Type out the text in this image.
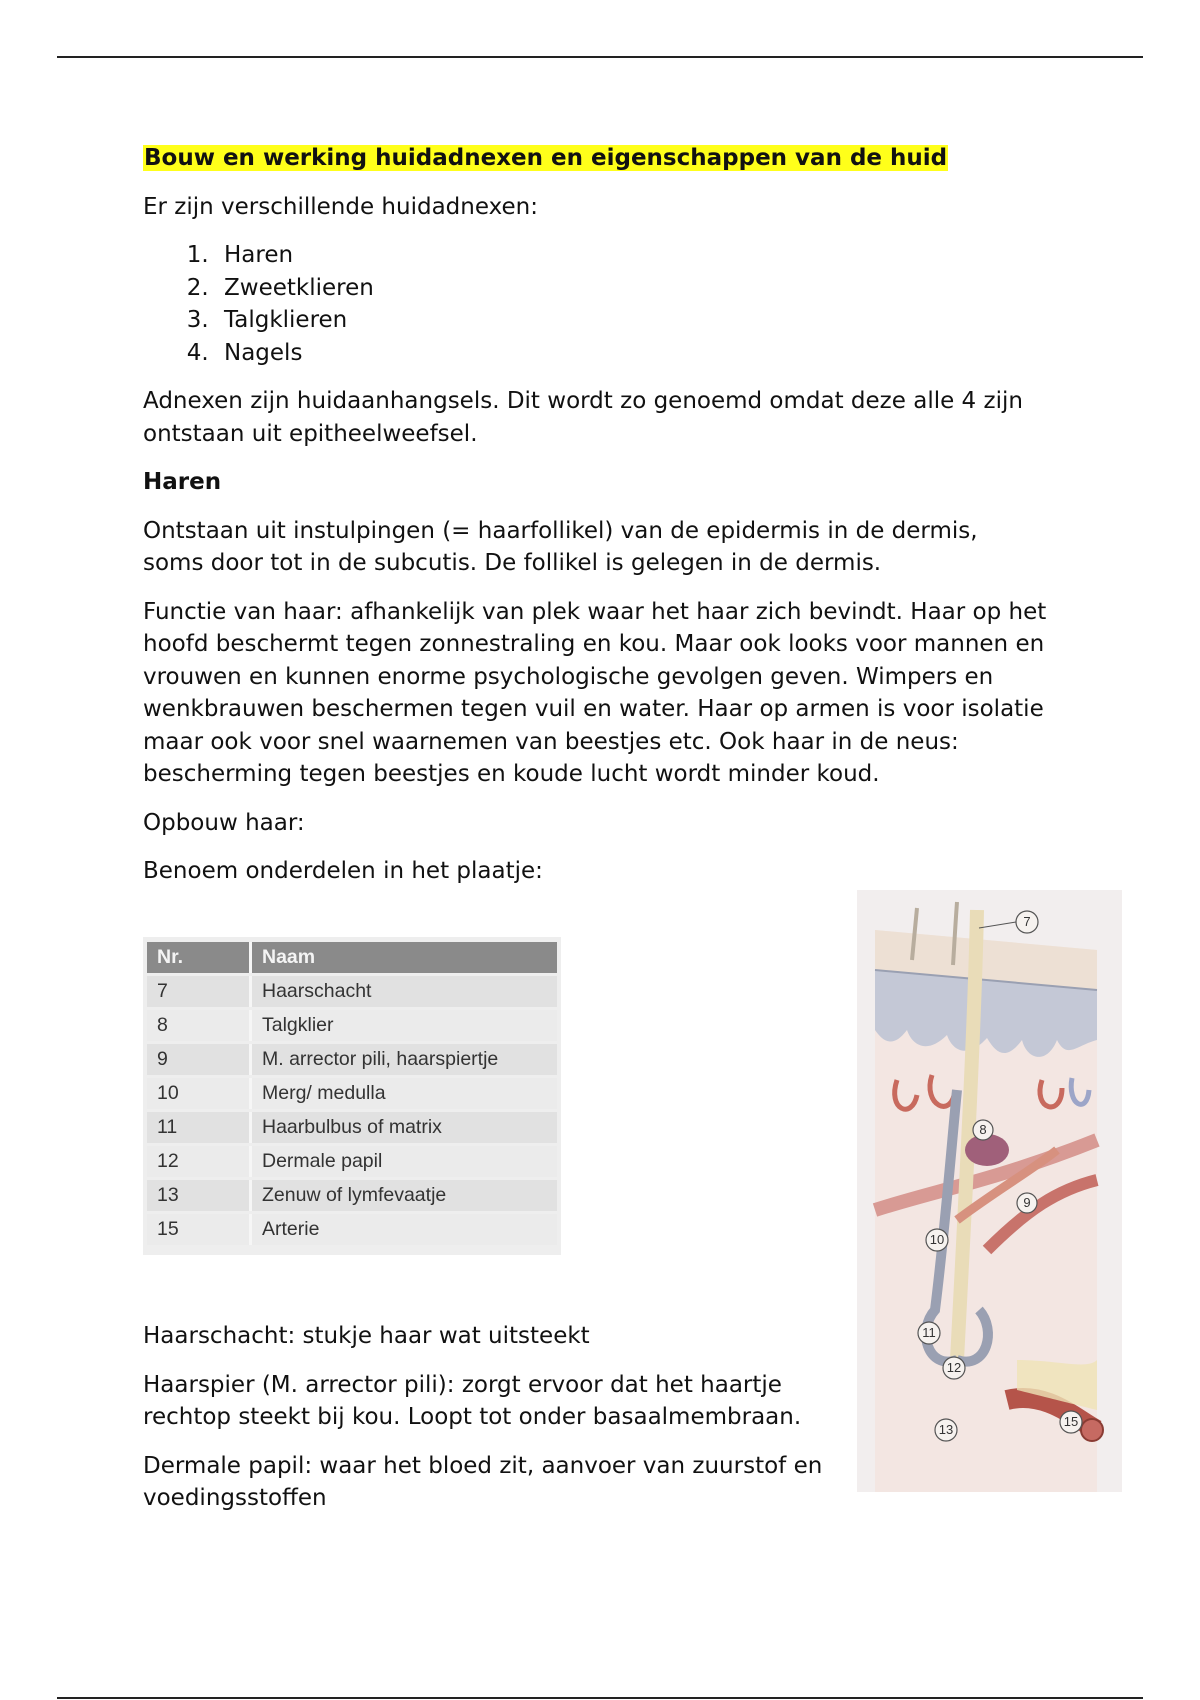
Bouw en werking huidadnexen en eigenschappen van de huid

Er zijn verschillende huidadnexen:

1. Haren
2. Zweetklieren
3. Talgklieren
4. Nagels

Adnexen zijn huidaanhangsels. Dit wordt zo genoemd omdat deze alle 4 zijn ontstaan uit epitheelweefsel.

Haren

Ontstaan uit instulpingen (= haarfollikel) van de epidermis in de dermis, soms door tot in de subcutis. De follikel is gelegen in de dermis.

Functie van haar: afhankelijk van plek waar het haar zich bevindt. Haar op het hoofd beschermt tegen zonnestraling en kou. Maar ook looks voor mannen en vrouwen en kunnen enorme psychologische gevolgen geven. Wimpers en wenkbrauwen beschermen tegen vuil en water. Haar op armen is voor isolatie maar ook voor snel waarnemen van beestjes etc. Ook haar in de neus: bescherming tegen beestjes en koude lucht wordt minder koud.

Opbouw haar:

Benoem onderdelen in het plaatje:

Nr.	Naam
7	Haarschacht
8	Talgklier
9	M. arrector pili, haarspiertje
10	Merg/ medulla
11	Haarbulbus of matrix
12	Dermale papil
13	Zenuw of lymfevaatje
15	Arterie

Haarschacht: stukje haar wat uitsteekt

Haarspier (M. arrector pili): zorgt ervoor dat het haartje rechtop steekt bij kou. Loopt tot onder basaalmembraan.

Dermale papil: waar het bloed zit, aanvoer van zuurstof en voedingsstoffen

7
8
9
10
11
12
13
15
